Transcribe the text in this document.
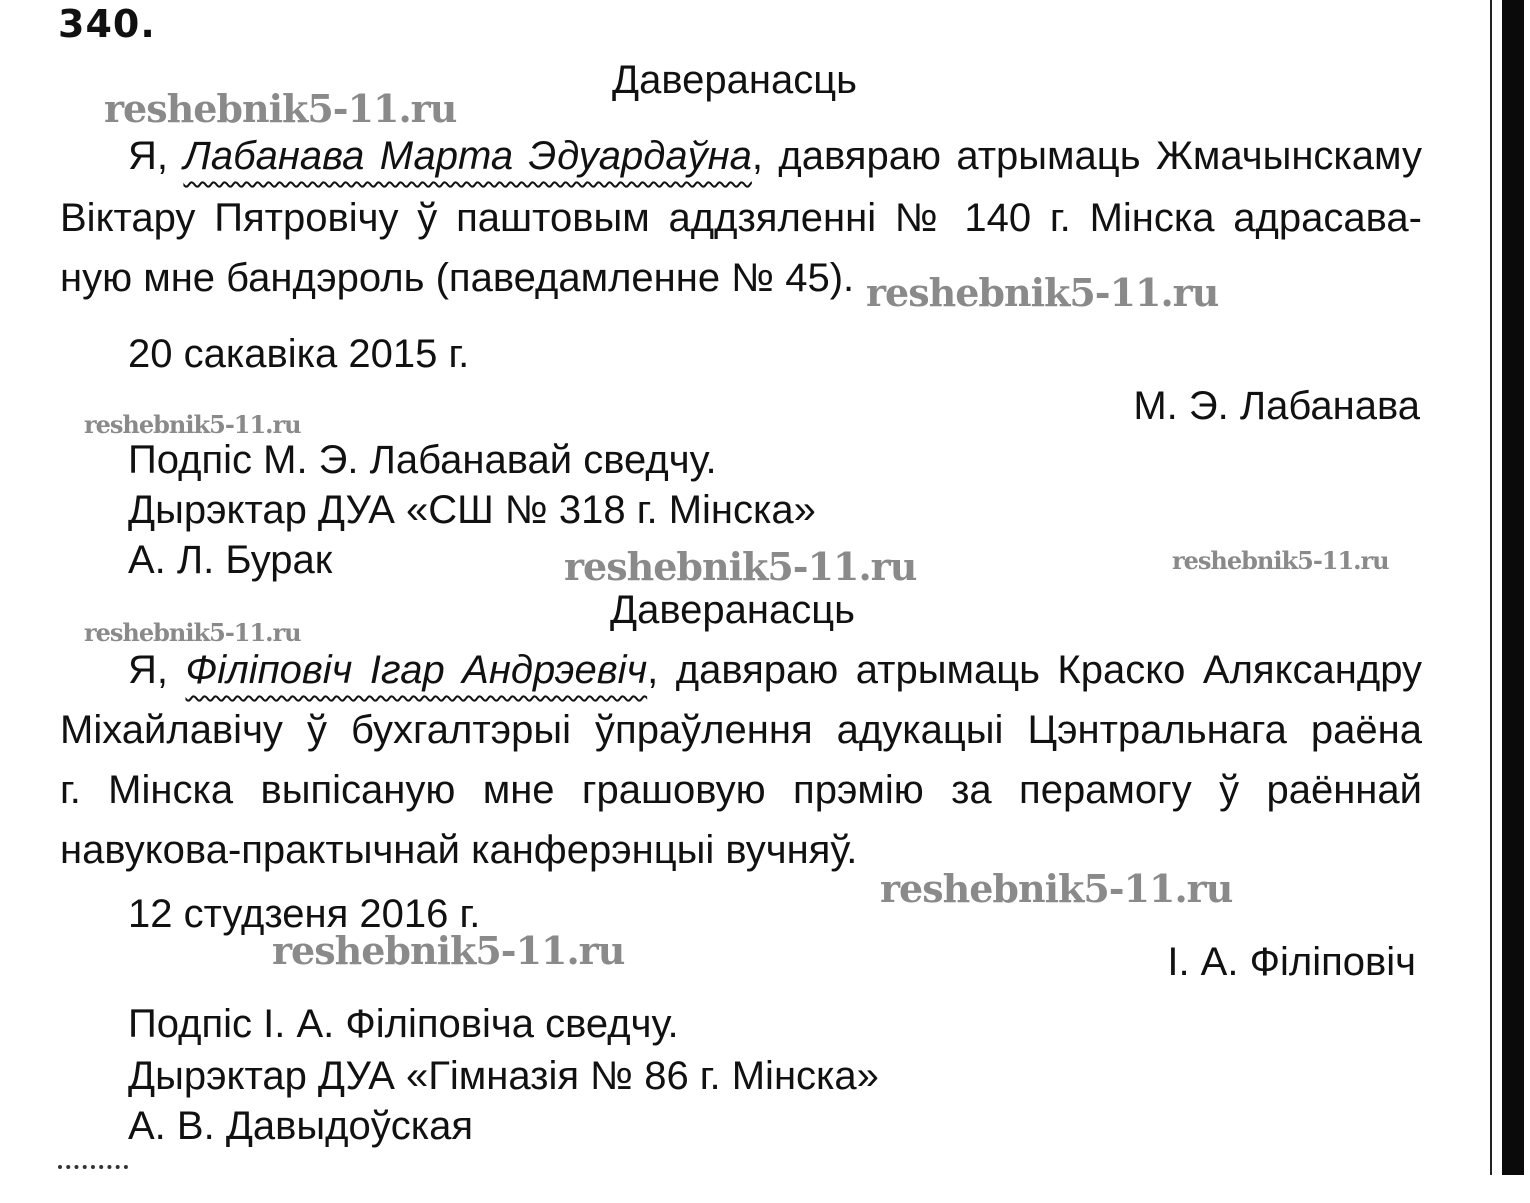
340.
Даверанасць
reshebnik5-11.ru
Я, Лабанава Марта Эдуардаўна, давяраю атрымаць Жмачынскаму
Віктару Пятровічу ў паштовым аддзяленні № 140 г. Мінска адрасава-
ную мне бандэроль (паведамленне № 45). reshebnik5-11.ru
20 сакавіка 2015 г.
М. Э. Лабанава
reshebnik5-11.ru
Подпіс М. Э. Лабанавай сведчу.
Дырэктар ДУА «СШ № 318 г. Мінска»
А. Л. Бурак	reshebnik5-11.ru	reshebnik5-11.ru
Даверанасць
reshebnik5-11.ru
Я, Філіповіч Ігар Андрэевіч, давяраю атрымаць Краско Аляксандру
Міхайлавічу ў бухгалтэрыі ўпраўлення адукацыі Цэнтральнага раёна
г. Мінска выпісаную мне грашовую прэмію за перамогу ў раённай
навукова-практычнай канферэнцыі вучняў.
reshebnik5-11.ru
12 студзеня 2016 г.
reshebnik5-11.ru	І. А. Філіповіч
Подпіс І. А. Філіповіча сведчу.
Дырэктар ДУА «Гімназія № 86 г. Мінска»
А. В. Давыдоўская
